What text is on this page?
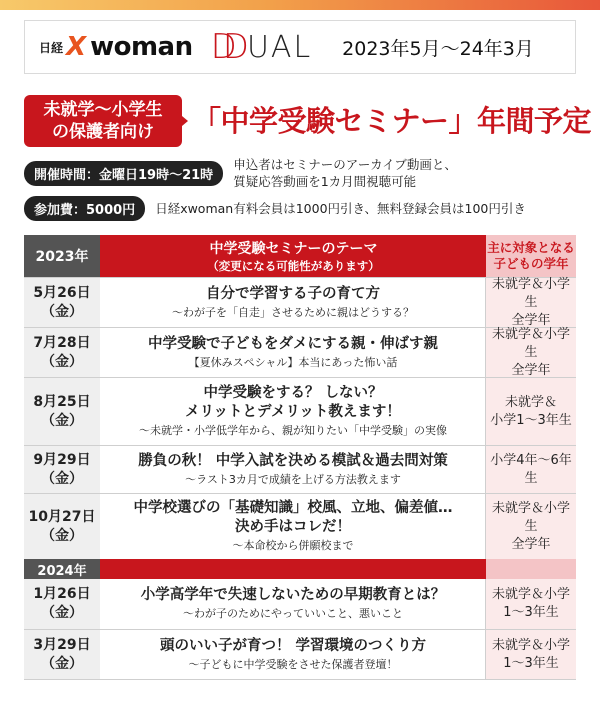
日経 X woman DD UAL 2023年5月～24年3月
未就学～小学生
の保護者向け 「中学受験セミナー」年間予定
開催時間：金曜日19時～21時
申込者はセミナーのアーカイブ動画と、
質疑応答動画を1カ月間視聴可能
参加費：5000円	日経xwoman有料会員は1000円引き、無料登録会員は100円引き
2023年	中学受験セミナーのテーマ
（変更になる可能性があります）
主に対象となる
子どもの学年
5月26日
（金）
自分で学習する子の育て方
～わが子を「自走」させるために親はどうする？
未就学＆小学生
全学年
7月28日
（金）
中学受験で子どもをダメにする親・伸ばす親
【夏休みスペシャル】本当にあった怖い話
未就学＆小学生
全学年
8月25日
（金）
中学受験をする？ しない？
メリットとデメリット教えます！
～未就学・小学低学年から、親が知りたい「中学受験」の実像
未就学＆
小学1～3年生
9月29日
（金）
勝負の秋！ 中学入試を決める模試＆過去問対策
～ラスト3カ月で成績を上げる方法教えます
小学4年～6年生
10月27日
（金）
中学校選びの「基礎知識」校風、立地、偏差値…
決め手はコレだ！
～本命校から併願校まで
未就学＆小学生
全学年
2024年
1月26日
（金）
小学高学年で失速しないための早期教育とは？
～わが子のためにやっていいこと、悪いこと
未就学＆小学
1～3年生
3月29日
（金）
頭のいい子が育つ！ 学習環境のつくり方
～子どもに中学受験をさせた保護者登壇！
未就学＆小学
1～3年生
